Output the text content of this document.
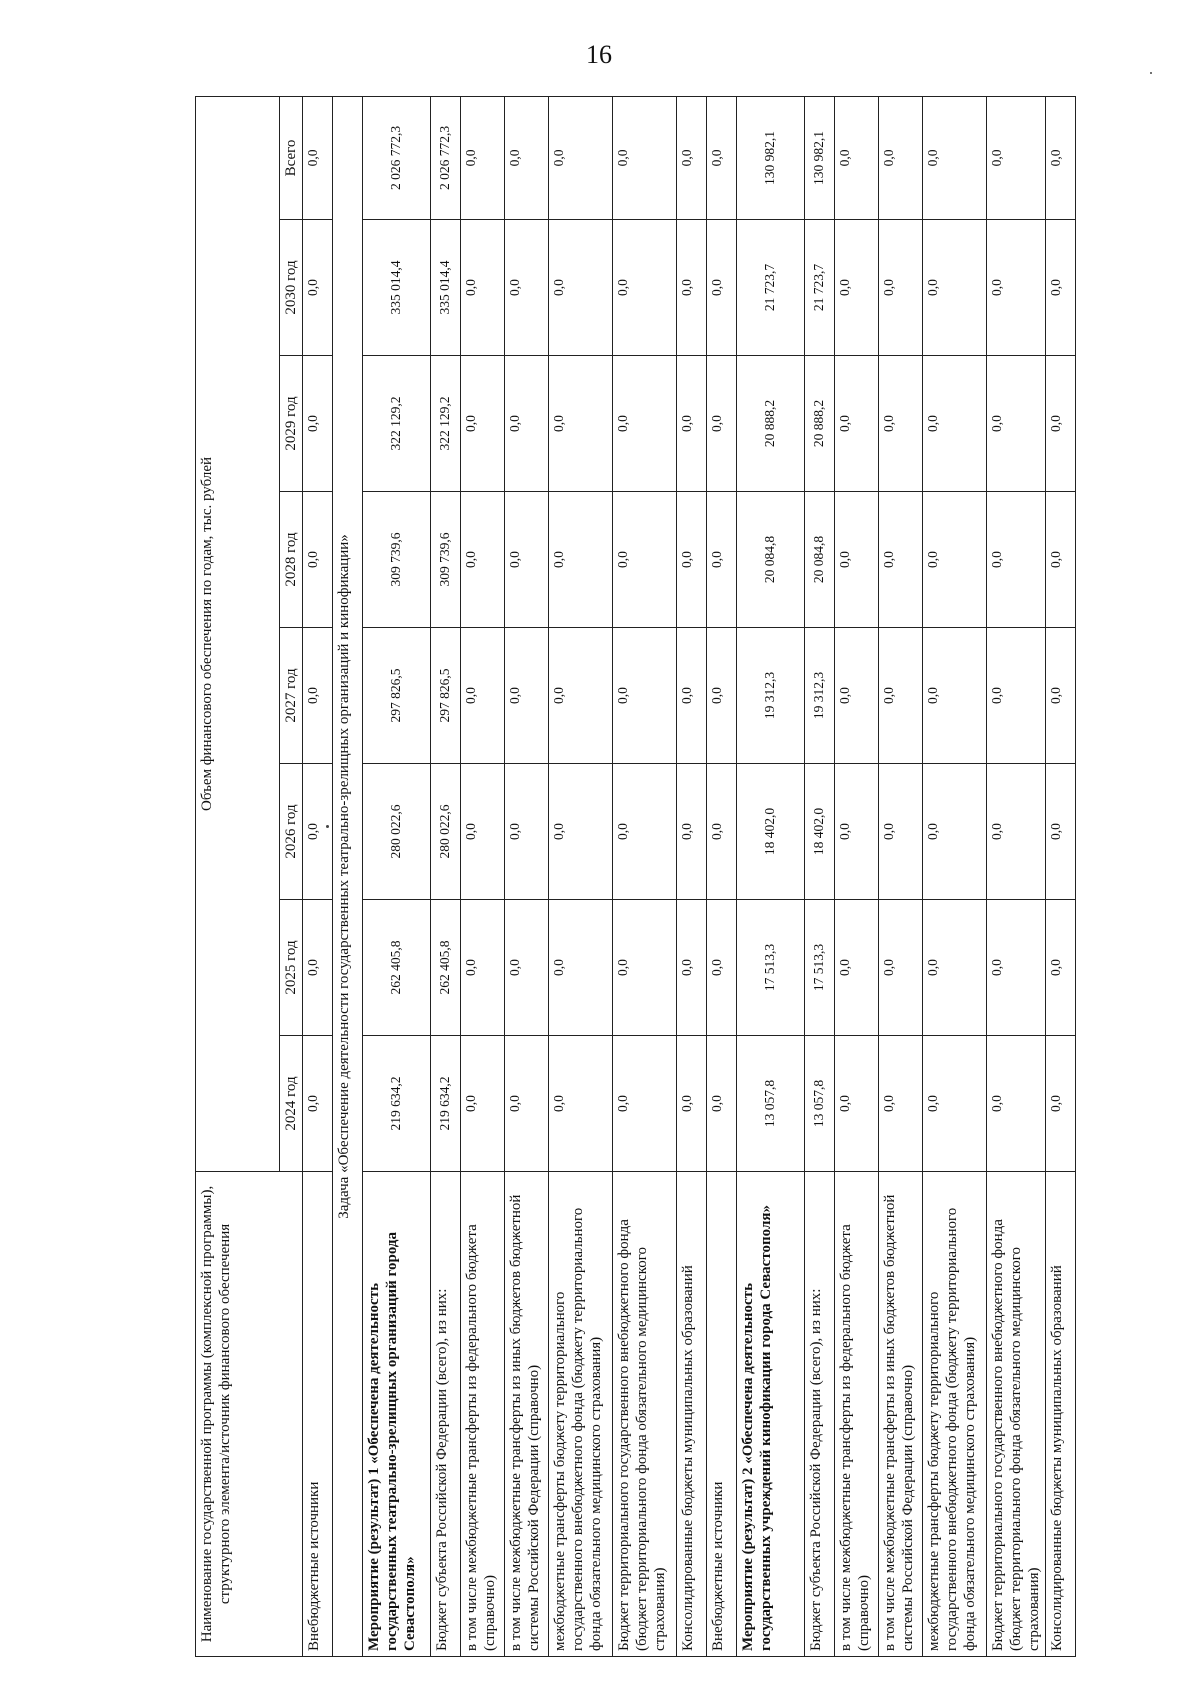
16
Наименование государственной программы (комплексной программы), структурного элемента/источник финансового обеспечения	Объем финансового обеспечения по годам, тыс. рублей							
	2024 год	2025 год	2026 год	2027 год	2028 год	2029 год	2030 год	Всего
Внебюджетные источники	0,0	0,0	0,0	0,0	0,0	0,0	0,0	0,0
Задача «Обеспечение деятельности государственных театрально-зрелищных организаций и кинофикации»								
Мероприятие (результат) 1 «Обеспечена деятельность государственных театрально-зрелищных организаций города Севастополя»	219 634,2	262 405,8	280 022,6	297 826,5	309 739,6	322 129,2	335 014,4	2 026 772,3
Бюджет субъекта Российской Федерации (всего), из них:	219 634,2	262 405,8	280 022,6	297 826,5	309 739,6	322 129,2	335 014,4	2 026 772,3
в том числе межбюджетные трансферты из федерального бюджета (справочно)	0,0	0,0	0,0	0,0	0,0	0,0	0,0	0,0
в том числе межбюджетные трансферты из иных бюджетов бюджетной системы Российской Федерации (справочно)	0,0	0,0	0,0	0,0	0,0	0,0	0,0	0,0
межбюджетные трансферты бюджету территориального государственного внебюджетного фонда (бюджету территориального фонда обязательного медицинского страхования)	0,0	0,0	0,0	0,0	0,0	0,0	0,0	0,0
Бюджет территориального государственного внебюджетного фонда (бюджет территориального фонда обязательного медицинского страхования)	0,0	0,0	0,0	0,0	0,0	0,0	0,0	0,0
Консолидированные бюджеты муниципальных образований	0,0	0,0	0,0	0,0	0,0	0,0	0,0	0,0
Внебюджетные источники	0,0	0,0	0,0	0,0	0,0	0,0	0,0	0,0
Мероприятие (результат) 2 «Обеспечена деятельность государственных учреждений кинофикации города Севастополя»	13 057,8	17 513,3	18 402,0	19 312,3	20 084,8	20 888,2	21 723,7	130 982,1
Бюджет субъекта Российской Федерации (всего), из них:	13 057,8	17 513,3	18 402,0	19 312,3	20 084,8	20 888,2	21 723,7	130 982,1
в том числе межбюджетные трансферты из федерального бюджета (справочно)	0,0	0,0	0,0	0,0	0,0	0,0	0,0	0,0
в том числе межбюджетные трансферты из иных бюджетов бюджетной системы Российской Федерации (справочно)	0,0	0,0	0,0	0,0	0,0	0,0	0,0	0,0
межбюджетные трансферты бюджету территориального государственного внебюджетного фонда (бюджету территориального фонда обязательного медицинского страхования)	0,0	0,0	0,0	0,0	0,0	0,0	0,0	0,0
Бюджет территориального государственного внебюджетного фонда (бюджет территориального фонда обязательного медицинского страхования)	0,0	0,0	0,0	0,0	0,0	0,0	0,0	0,0
Консолидированные бюджеты муниципальных образований	0,0	0,0	0,0	0,0	0,0	0,0	0,0	0,0
